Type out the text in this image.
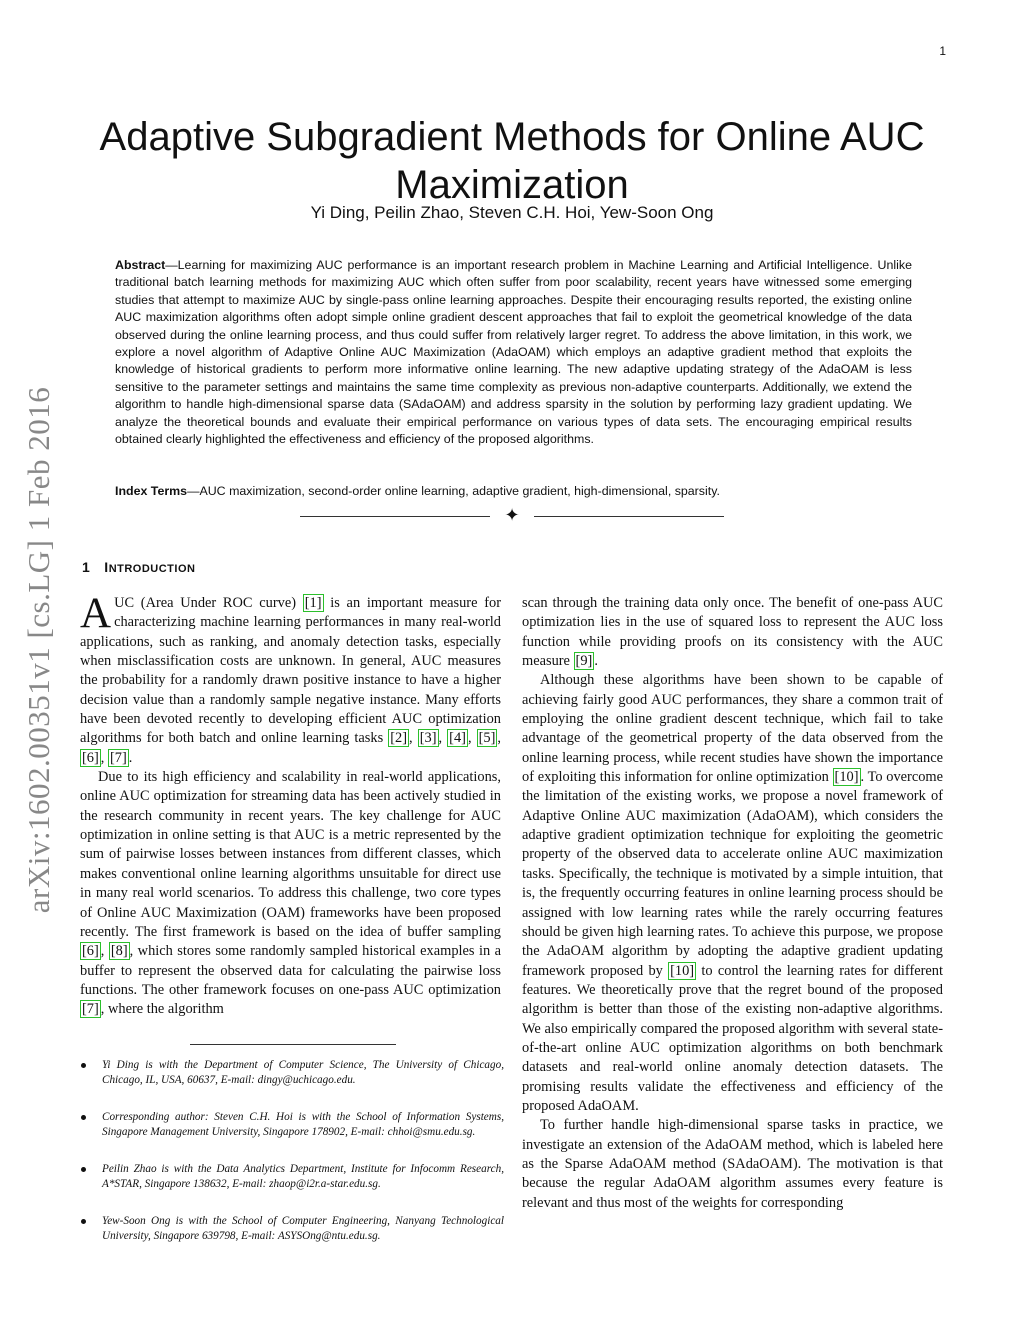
1
arXiv:1602.00351v1 [cs.LG] 1 Feb 2016
Adaptive Subgradient Methods for Online AUC Maximization
Yi Ding, Peilin Zhao, Steven C.H. Hoi, Yew-Soon Ong
Abstract—Learning for maximizing AUC performance is an important research problem in Machine Learning and Artificial Intelligence. Unlike traditional batch learning methods for maximizing AUC which often suffer from poor scalability, recent years have witnessed some emerging studies that attempt to maximize AUC by single-pass online learning approaches. Despite their encouraging results reported, the existing online AUC maximization algorithms often adopt simple online gradient descent approaches that fail to exploit the geometrical knowledge of the data observed during the online learning process, and thus could suffer from relatively larger regret. To address the above limitation, in this work, we explore a novel algorithm of Adaptive Online AUC Maximization (AdaOAM) which employs an adaptive gradient method that exploits the knowledge of historical gradients to perform more informative online learning. The new adaptive updating strategy of the AdaOAM is less sensitive to the parameter settings and maintains the same time complexity as previous non-adaptive counterparts. Additionally, we extend the algorithm to handle high-dimensional sparse data (SAdaOAM) and address sparsity in the solution by performing lazy gradient updating. We analyze the theoretical bounds and evaluate their empirical performance on various types of data sets. The encouraging empirical results obtained clearly highlighted the effectiveness and efficiency of the proposed algorithms.
Index Terms—AUC maximization, second-order online learning, adaptive gradient, high-dimensional, sparsity.
✦
1 INTRODUCTION

AUC (Area Under ROC curve) [1] is an important measure for characterizing machine learning performances in many real-world applications, such as ranking, and anomaly detection tasks, especially when misclassification costs are unknown. In general, AUC measures the probability for a randomly drawn positive instance to have a higher decision value than a randomly sample negative instance. Many efforts have been devoted recently to developing efficient AUC optimization algorithms for both batch and online learning tasks [2] , [3] , [4] , [5] , [6] , [7] .

Due to its high efficiency and scalability in real-world applications, online AUC optimization for streaming data has been actively studied in the research community in recent years. The key challenge for AUC optimization in online setting is that AUC is a metric represented by the sum of pairwise losses between instances from different classes, which makes conventional online learning algorithms unsuitable for direct use in many real world scenarios. To address this challenge, two core types of Online AUC Maximization (OAM) frameworks have been proposed recently. The first framework is based on the idea of buffer sampling [6] , [8] , which stores some randomly sampled historical examples in a buffer to represent the observed data for calculating the pairwise loss functions. The other framework focuses on one-pass AUC optimization [7] , where the algorithm

Yi Ding is with the Department of Computer Science, The University of Chicago, Chicago, IL, USA, 60637, E-mail: dingy@uchicago.edu.
Corresponding author: Steven C.H. Hoi is with the School of Information Systems, Singapore Management University, Singapore 178902, E-mail: chhoi@smu.edu.sg.
Peilin Zhao is with the Data Analytics Department, Institute for Infocomm Research, A*STAR, Singapore 138632, E-mail: zhaop@i2r.a-star.edu.sg.
Yew-Soon Ong is with the School of Computer Engineering, Nanyang Technological University, Singapore 639798, E-mail: ASYSOng@ntu.edu.sg.

scan through the training data only once. The benefit of one-pass AUC optimization lies in the use of squared loss to represent the AUC loss function while providing proofs on its consistency with the AUC measure [9] .

Although these algorithms have been shown to be capable of achieving fairly good AUC performances, they share a common trait of employing the online gradient descent technique, which fail to take advantage of the geometrical property of the data observed from the online learning process, while recent studies have shown the importance of exploiting this information for online optimization [10] . To overcome the limitation of the existing works, we propose a novel framework of Adaptive Online AUC maximization (AdaOAM), which considers the adaptive gradient optimization technique for exploiting the geometric property of the observed data to accelerate online AUC maximization tasks. Specifically, the technique is motivated by a simple intuition, that is, the frequently occurring features in online learning process should be assigned with low learning rates while the rarely occurring features should be given high learning rates. To achieve this purpose, we propose the AdaOAM algorithm by adopting the adaptive gradient updating framework proposed by [10] to control the learning rates for different features. We theoretically prove that the regret bound of the proposed algorithm is better than those of the existing non-adaptive algorithms. We also empirically compared the proposed algorithm with several state-of-the-art online AUC optimization algorithms on both benchmark datasets and real-world online anomaly detection datasets. The promising results validate the effectiveness and efficiency of the proposed AdaOAM.

To further handle high-dimensional sparse tasks in practice, we investigate an extension of the AdaOAM method, which is labeled here as the Sparse AdaOAM method (SAdaOAM). The motivation is that because the regular AdaOAM algorithm assumes every feature is relevant and thus most of the weights for corresponding
